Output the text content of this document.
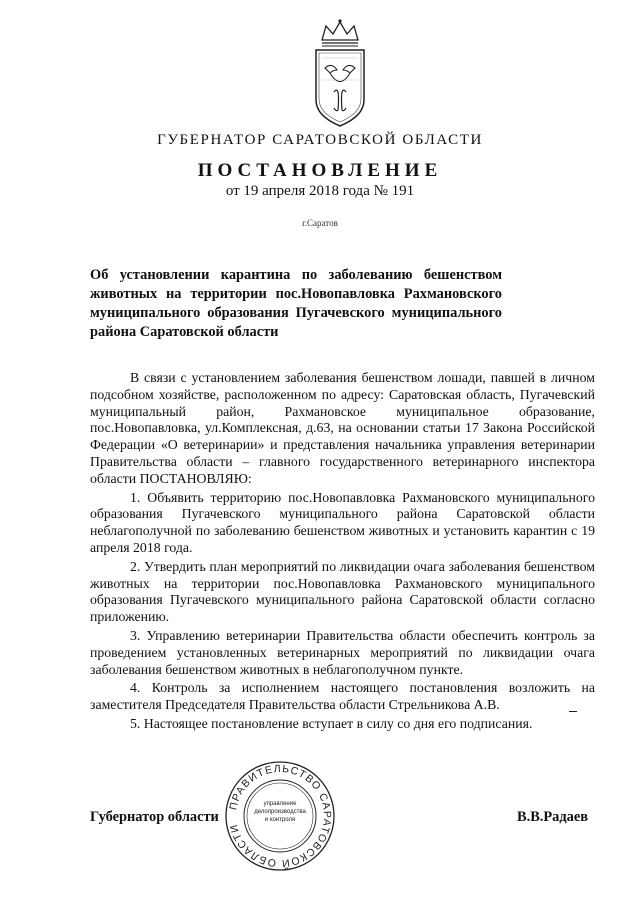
ГУБЕРНАТОР САРАТОВСКОЙ ОБЛАСТИ
ПОСТАНОВЛЕНИЕ
от 19 апреля 2018 года № 191
г.Саратов
Об установлении карантина по заболеванию бешенством животных на территории пос.Новопавловка Рахмановского муниципального образования Пугачевского муниципального района Саратовской области

В связи с установлением заболевания бешенством лошади, павшей в личном подсобном хозяйстве, расположенном по адресу: Саратовская область, Пугачевский муниципальный район, Рахмановское муниципальное образование, пос.Новопавловка, ул.Комплексная, д.63, на основании статьи 17 Закона Российской Федерации «О ветеринарии» и представления начальника управления ветеринарии Правительства области – главного государственного ветеринарного инспектора области ПОСТАНОВЛЯЮ:

1. Объявить территорию пос.Новопавловка Рахмановского муниципального образования Пугачевского муниципального района Саратовской области неблагополучной по заболеванию бешенством животных и установить карантин с 19 апреля 2018 года.

2. Утвердить план мероприятий по ликвидации очага заболевания бешенством животных на территории пос.Новопавловка Рахмановского муниципального образования Пугачевского муниципального района Саратовской области согласно приложению.

3. Управлению ветеринарии Правительства области обеспечить контроль за проведением установленных ветеринарных мероприятий по ликвидации очага заболевания бешенством животных в неблагополучном пункте.

4. Контроль за исполнением настоящего постановления возложить на заместителя Председателя Правительства области Стрельникова А.В.

5. Настоящее постановление вступает в силу со дня его подписания.

Губернатор области
ПРАВИТЕЛЬСТВО САРАТОВСКОЙ ОБЛАСТИ
управление
делопроизводства
и контроля	В.В.Радаев
